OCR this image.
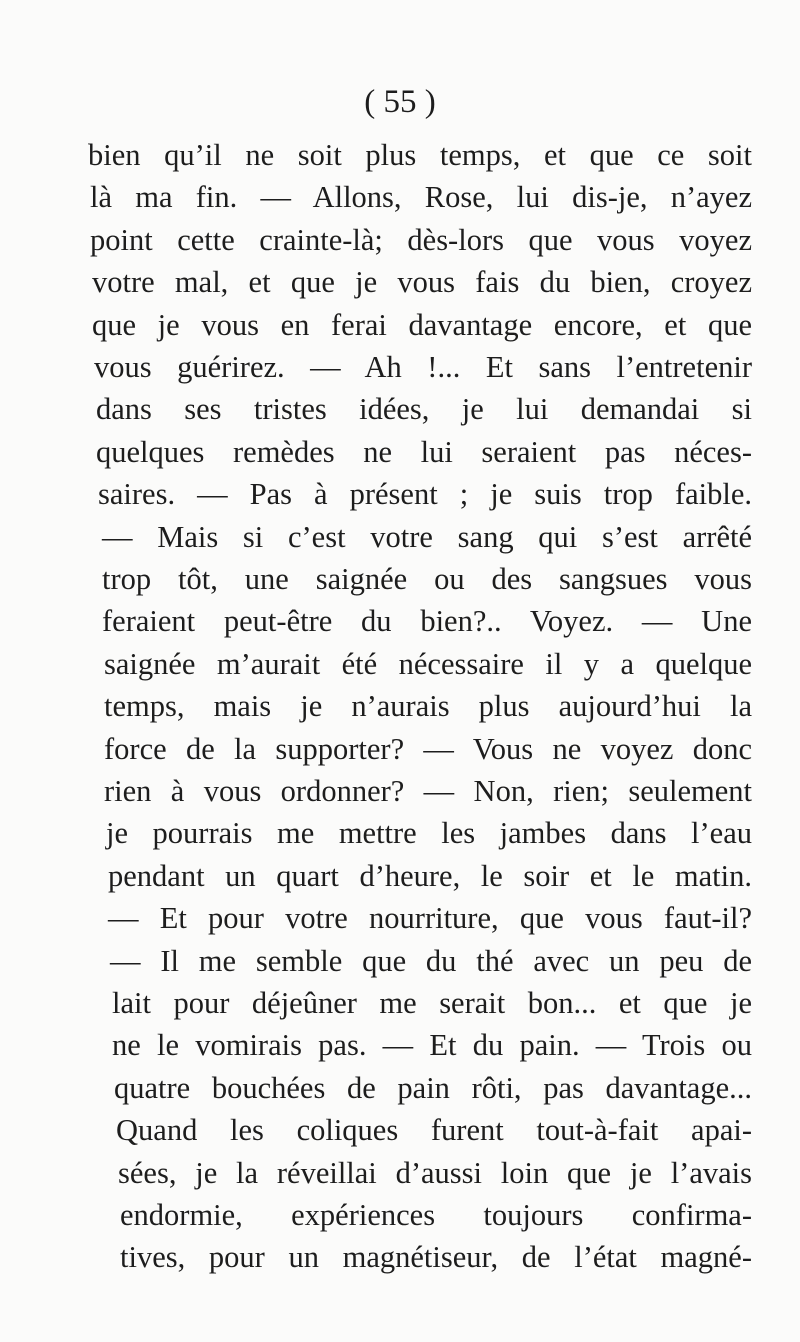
( 55 )
bien qu’il ne soit plus temps, et que ce soit
là ma fin. — Allons, Rose, lui dis-je, n’ayez
point cette crainte-là; dès-lors que vous voyez
votre mal, et que je vous fais du bien, croyez
que je vous en ferai davantage encore, et que
vous guérirez. — Ah !... Et sans l’entretenir
dans ses tristes idées, je lui demandai si
quelques remèdes ne lui seraient pas néces-
saires. — Pas à présent ; je suis trop faible.
— Mais si c’est votre sang qui s’est arrêté
trop tôt, une saignée ou des sangsues vous
feraient peut-être du bien?.. Voyez. — Une
saignée m’aurait été nécessaire il y a quelque
temps, mais je n’aurais plus aujourd’hui la
force de la supporter? — Vous ne voyez donc
rien à vous ordonner? — Non, rien; seulement
je pourrais me mettre les jambes dans l’eau
pendant un quart d’heure, le soir et le matin.
— Et pour votre nourriture, que vous faut-il?
— Il me semble que du thé avec un peu de
lait pour déjeûner me serait bon... et que je
ne le vomirais pas. — Et du pain. — Trois ou
quatre bouchées de pain rôti, pas davantage...
Quand les coliques furent tout-à-fait apai-
sées, je la réveillai d’aussi loin que je l’avais
endormie, expériences toujours confirma-
tives, pour un magnétiseur, de l’état magné-
